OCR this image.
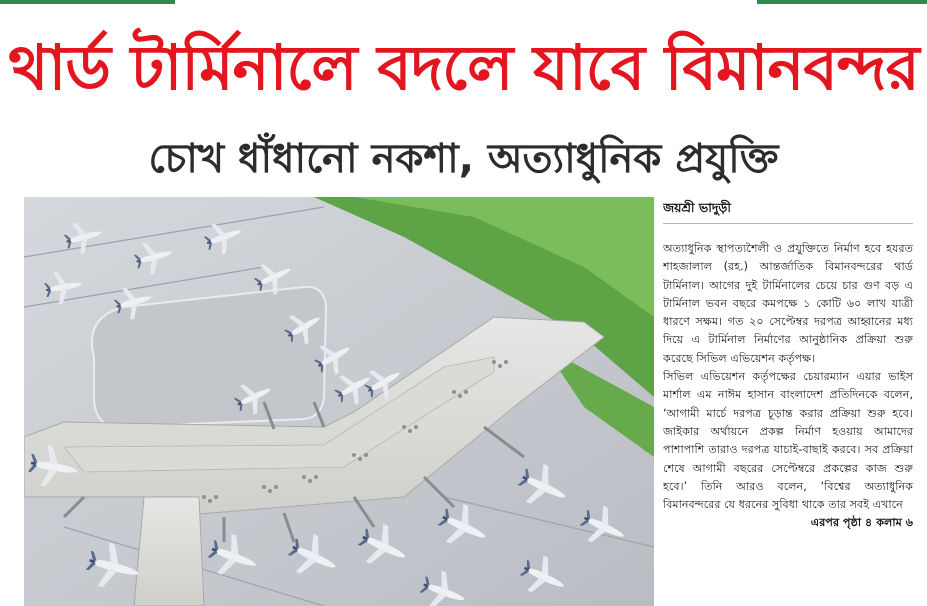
থার্ড টার্মিনালে বদলে যাবে বিমানবন্দর
চোখ ধাঁধানো নকশা, অত্যাধুনিক প্রযুক্তি
জয়শ্রী ভাদুড়ী

অত্যাধুনিক স্থাপত্যশৈলী ও প্রযুক্তিতে নির্মাণ হবে হযরত শাহজালাল (রহ.) আন্তর্জাতিক বিমানবন্দরের থার্ড টার্মিনাল। আগের দুই টার্মিনালের চেয়ে চার গুণ বড় এ টার্মিনাল ভবন বছরে কমপক্ষে ১ কোটি ৬০ লাখ যাত্রী ধারণে সক্ষম। গত ২০ সেপ্টেম্বর দরপত্র আহ্বানের মধ্য দিয়ে এ টার্মিনাল নির্মাণের আনুষ্ঠানিক প্রক্রিয়া শুরু করেছে সিভিল এভিয়েশন কর্তৃপক্ষ।

সিভিল এভিয়েশন কর্তৃপক্ষের চেয়ারম্যান এয়ার ভাইস মার্শাল এম নাঈম হাসান বাংলাদেশ প্রতিদিনকে বলেন, ‘আগামী মার্চে দরপত্র চূড়ান্ত করার প্রক্রিয়া শুরু হবে। জাইকার অর্থায়নে প্রকল্প নির্মাণ হওয়ায় আমাদের পাশাপাশি তারাও দরপত্র যাচাই-বাছাই করবে। সব প্রক্রিয়া শেষে আগামী বছরের সেপ্টেম্বরে প্রকল্পের কাজ শুরু হবে।’ তিনি আরও বলেন, ‘বিশ্বের অত্যাধুনিক বিমানবন্দরের যে ধরনের সুবিধা থাকে তার সবই এখানে
এরপর পৃষ্ঠা ৪ কলাম ৬
